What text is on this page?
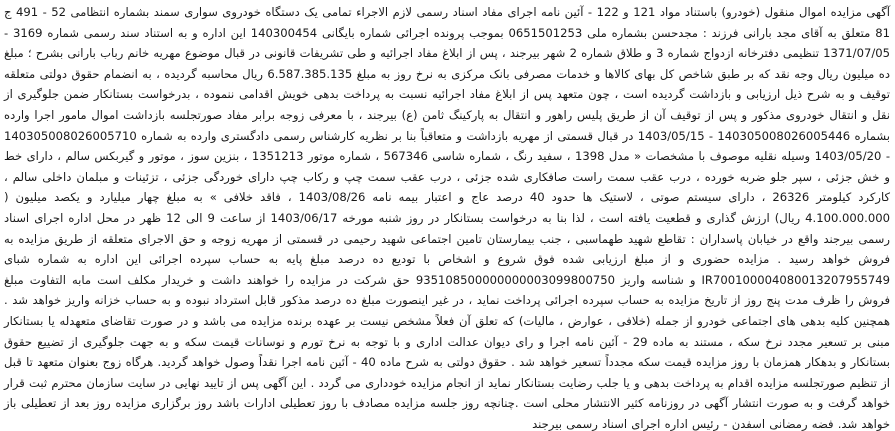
آگهی مزایده اموال منقول (خودرو) باستناد مواد 121 و 122 - آئین نامه اجرای مفاد اسناد رسمی لازم الاجراء تمامی یک دستگاه خودروی سواری سمند بشماره انتظامی 52 - 491 ج 81 متعلق به آقای مجد بارانی فرزند : مجدحسن بشماره ملی 0651501253 بموجب پرونده اجرائی شماره بایگانی 140300454 این اداره و به استناد سند رسمی شماره 3169 - 1371/07/05 تنظیمی دفترخانه ازدواج شماره 3 و طلاق شماره 2 شهر بیرجند ، پس از ابلاغ مفاد اجرائیه و طی تشریفات قانونی در قبال موضوع مهریه خانم رباب بارانی بشرح ؛ مبلغ ده میلیون ریال وجه نقد که بر طبق شاخص کل بهای کالاها و خدمات مصرفی بانک مرکزی به نرخ روز به مبلغ 6.587.385.135 ریال محاسبه گردیده ، به انضمام حقوق دولتی متعلقه توقیف و به شرح ذیل ارزیابی و بازداشت گردیده است ، چون متعهد پس از ابلاغ مفاد اجرائیه نسبت به پرداخت بدهی خویش اقدامی ننموده ، بدرخواست بستانکار ضمن جلوگیری از نقل و انتقال خودروی مذکور و پس از توقیف آن از طریق پلیس راهور و انتقال به پارکینگ ثامن (ع) بیرجند ، با معرفی زوجه برابر مفاد صورتجلسه بازداشت اموال مامور اجرا وارده بشماره 140305008026005446 - 1403/05/15 در قبال قسمتی از مهریه بازداشت و متعاقباً بنا بر نظریه کارشناس رسمی دادگستری وارده به شماره 140305008026005710 - 1403/05/20 وسیله نقلیه موصوف با مشخصات « مدل 1398 ، سفید رنگ ، شماره شاسی 567346 ، شماره موتور 1351213 ، بنزین سوز ، موتور و گیربکس سالم ، دارای خط و خش جزئی ، سپر جلو ضربه خورده ، درب عقب سمت راست صافکاری شده جزئی ، درب عقب سمت چپ و رکاب چپ دارای خوردگی جزئی ، تزئینات و مبلمان داخلی سالم ، کارکرد کیلومتر 26326 ، دارای سیستم صوتی ، لاستیک ها حدود 40 درصد عاج و اعتبار بیمه نامه 1403/08/26 ، فاقد خلافی » به مبلغ چهار میلیارد و یکصد میلیون ( 4.100.000.000 ریال) ارزش گذاری و قطعیت یافته است ، لذا بنا به درخواست بستانکار در روز شنبه مورخه 1403/06/17 از ساعت 9 الی 12 ظهر در محل اداره اجرای اسناد رسمی بیرجند واقع در خیابان پاسداران : تقاطع شهید طهماسبی ، جنب بیمارستان تامین اجتماعی شهید رحیمی در قسمتی از مهریه زوجه و حق الاجرای متعلقه از طریق مزایده به فروش خواهد رسید . مزایده حضوری و از مبلغ ارزیابی شده فوق شروع و اشخاص با تودیع ده درصد مبلغ پایه به حساب سپرده اجرائی این اداره به شماره شبای IR700100004080013207955749 و شناسه واریز 935108500000000003099800750 حق شرکت در مزایده را خواهند داشت و خریدار مکلف است مابه التفاوت مبلغ فروش را ظرف مدت پنج روز از تاریخ مزایده به حساب سپرده اجرائی پرداخت نماید ، در غیر اینصورت مبلغ ده درصد مذکور قابل استرداد نبوده و به حساب خزانه واریز خواهد شد . همچنین کلیه بدهی های اجتماعی خودرو از جمله (خلافی ، عوارض ، مالیات) که تعلق آن فعلاً مشخص نیست بر عهده برنده مزایده می باشد و در صورت تقاضای متعهدله یا بستانکار مبنی بر تسعیر مجدد نرخ سکه ، مستند به ماده 29 - آئین نامه اجرا و رای دیوان عدالت اداری و با توجه به نرخ تورم و نوسانات قیمت سکه و به جهت جلوگیری از تضییع حقوق بستانکار و بدهکار همزمان با روز مزایده قیمت سکه مجدداً تسعیر خواهد شد . حقوق دولتی به شرح ماده 40 - آئین نامه اجرا نقداً وصول خواهد گردید. هرگاه زوج بعنوان متعهد تا قبل از تنظیم صورتجلسه مزایده اقدام به پرداخت بدهی و یا جلب رضایت بستانکار نماید از انجام مزایده خودداری می گردد . این آگهی پس از تایید نهایی در سایت سازمان محترم ثبت قرار خواهد گرفت و به صورت انتشار آگهی در روزنامه کثیر الانتشار محلی است .چنانچه روز جلسه مزایده مصادف با روز تعطیلی ادارات باشد روز برگزاری مزایده روز بعد از تعطیلی باز خواهد شد. فضه رمضانی اسفدن - رئیس اداره اجرای اسناد رسمی بیرجند
